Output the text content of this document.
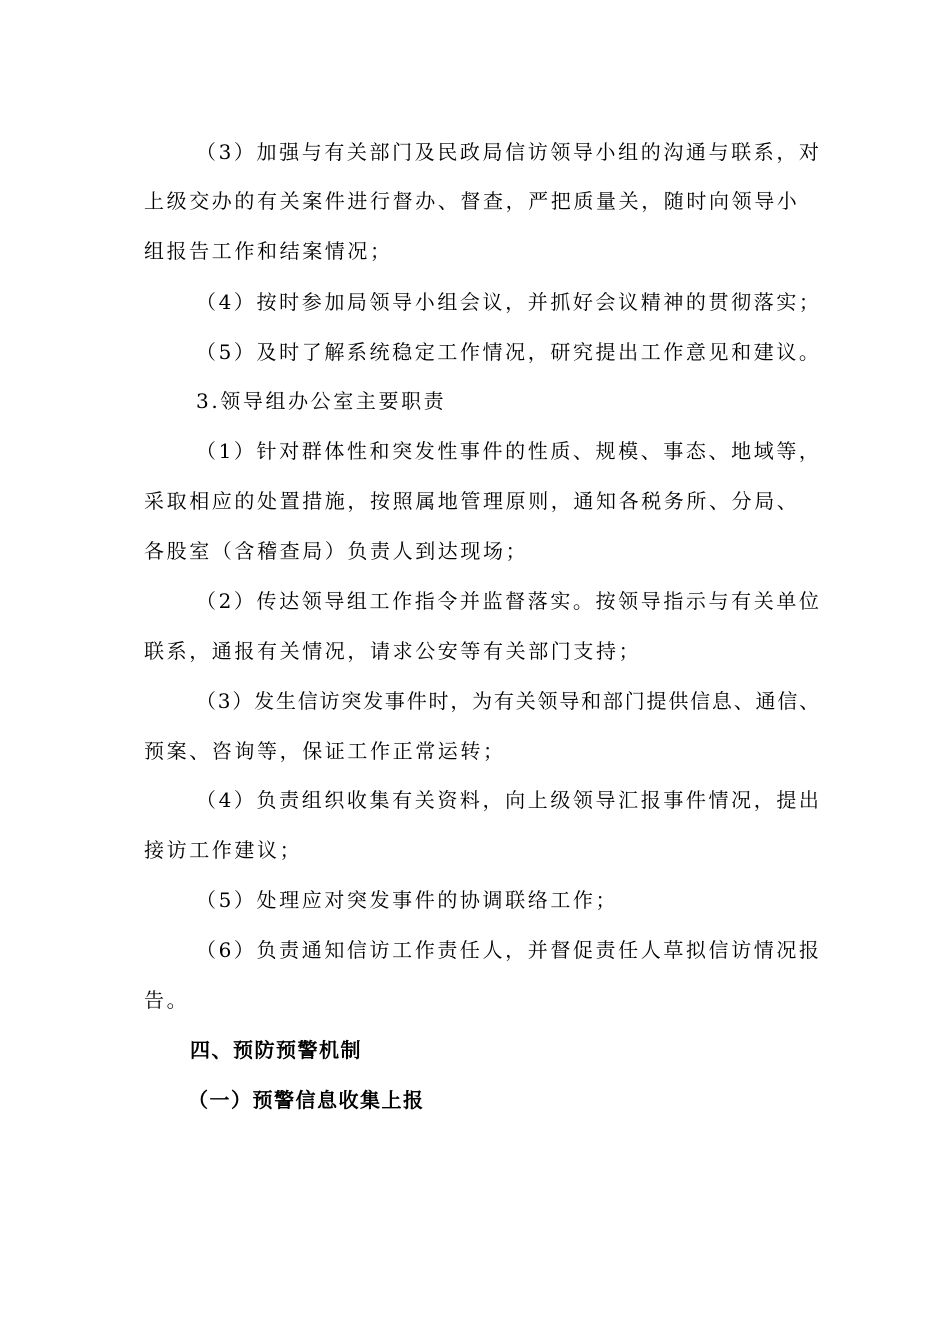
（3）加强与有关部门及民政局信访领导小组的沟通与联系，对
上级交办的有关案件进行督办、督查，严把质量关，随时向领导小
组报告工作和结案情况；
（4）按时参加局领导小组会议，并抓好会议精神的贯彻落实；
（5）及时了解系统稳定工作情况，研究提出工作意见和建议。
3.领导组办公室主要职责
（1）针对群体性和突发性事件的性质、规模、事态、地域等，
采取相应的处置措施，按照属地管理原则，通知各税务所、分局、
各股室（含稽查局）负责人到达现场；
（2）传达领导组工作指令并监督落实。按领导指示与有关单位
联系，通报有关情况，请求公安等有关部门支持；
（3）发生信访突发事件时，为有关领导和部门提供信息、通信、
预案、咨询等，保证工作正常运转；
（4）负责组织收集有关资料，向上级领导汇报事件情况，提出
接访工作建议；
（5）处理应对突发事件的协调联络工作；
（6）负责通知信访工作责任人，并督促责任人草拟信访情况报
告。
四、预防预警机制
（一）预警信息收集上报
